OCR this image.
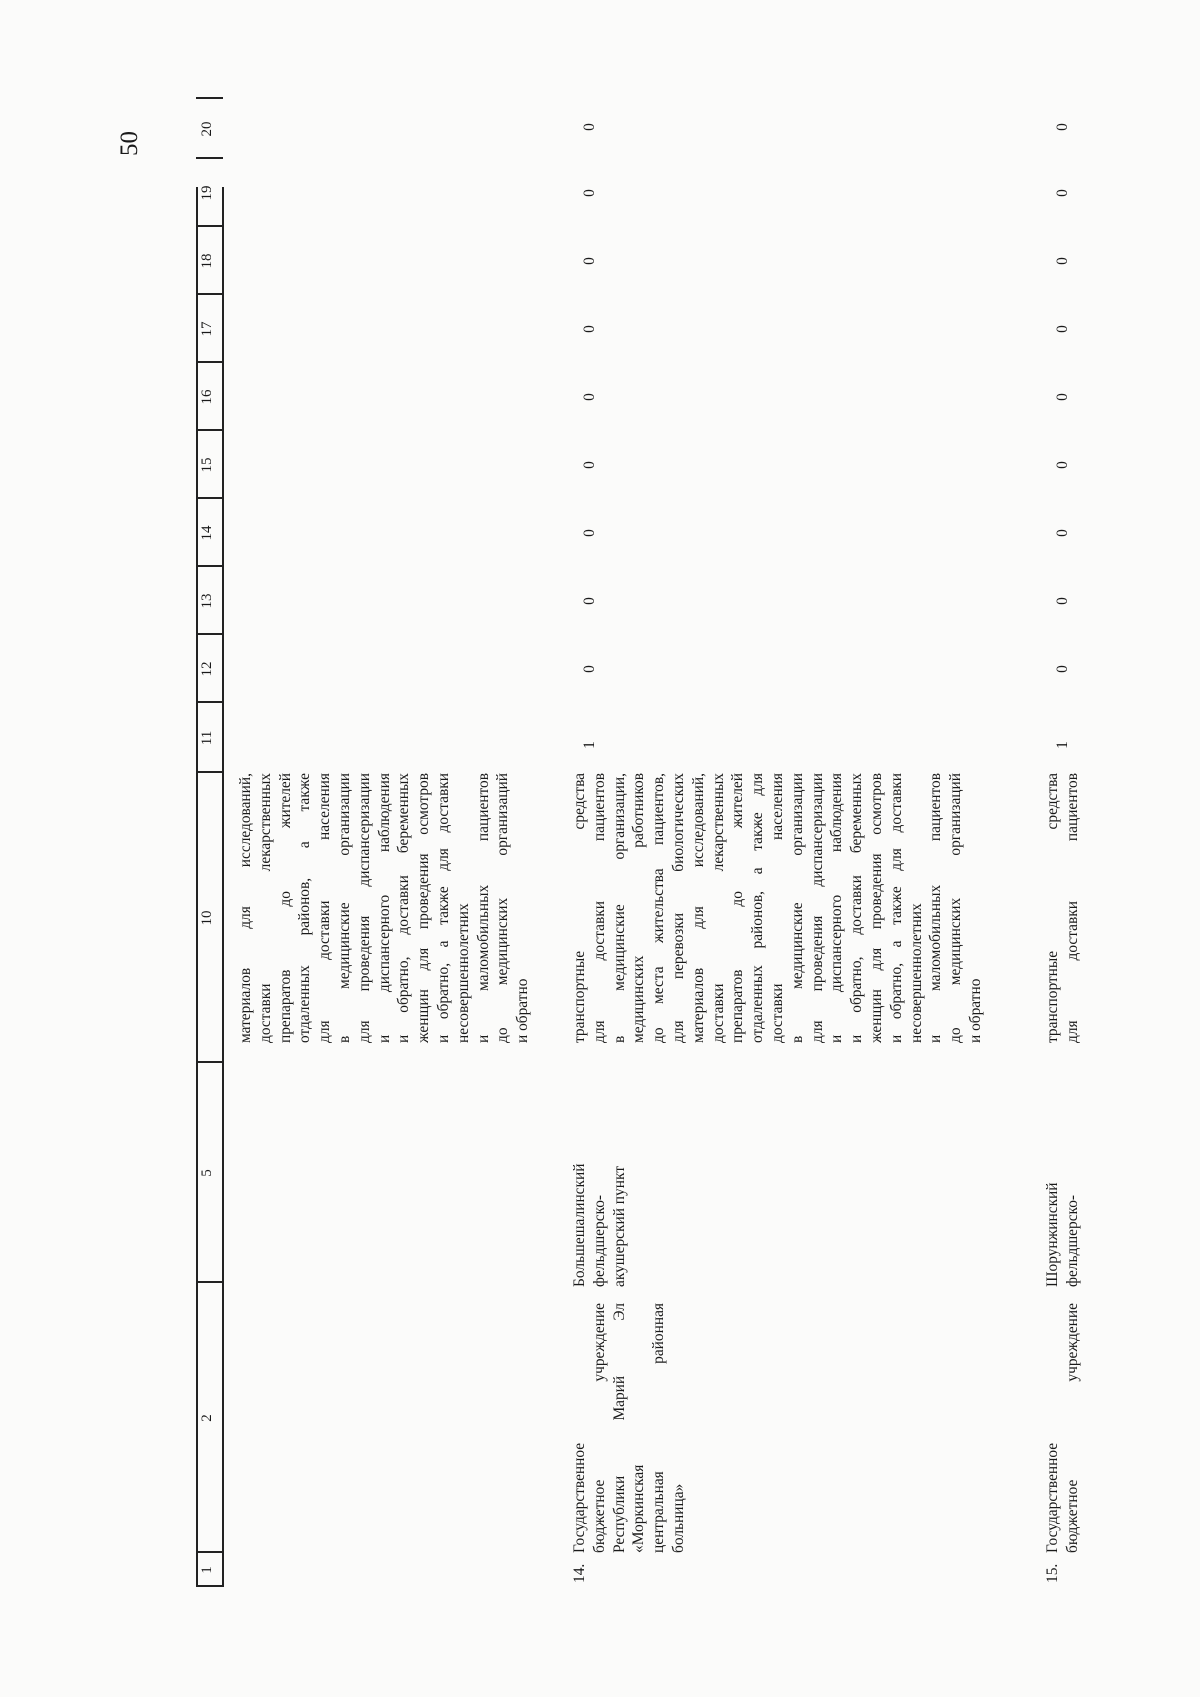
50
1
2
5
10
11
12
13
14
15
16
17
18
19
20
материалов для исследований, доставки лекарственных препаратов до жителей отдаленных районов, а также для доставки населения в медицинские организации для проведения диспансеризации и диспансерного наблюдения и обратно, доставки беременных женщин для проведения осмотров и обратно, а также для доставки несовершеннолетних и маломобильных пациентов до медицинских организаций и обратно
14.
Государственное бюджетное учреждение Республики Марий Эл «Моркинская центральная районная больница»
Большешалинский фельдшерско- акушерский пункт
транспортные средства для доставки пациентов в медицинские организации, медицинских работников до места жительства пациентов, для перевозки биологических материалов для исследований, доставки лекарственных препаратов до жителей отдаленных районов, а также для доставки населения в медицинские организации для проведения диспансеризации и диспансерного наблюдения и обратно, доставки беременных женщин для проведения осмотров и обратно, а также для доставки несовершеннолетних и маломобильных пациентов до медицинских организаций и обратно
1
0
0
0
0
0
0
0
0
0
15.
Государственное бюджетное учреждение
Шорунжинский фельдшерско-
транспортные средства для доставки пациентов
1
0
0
0
0
0
0
0
0
0
